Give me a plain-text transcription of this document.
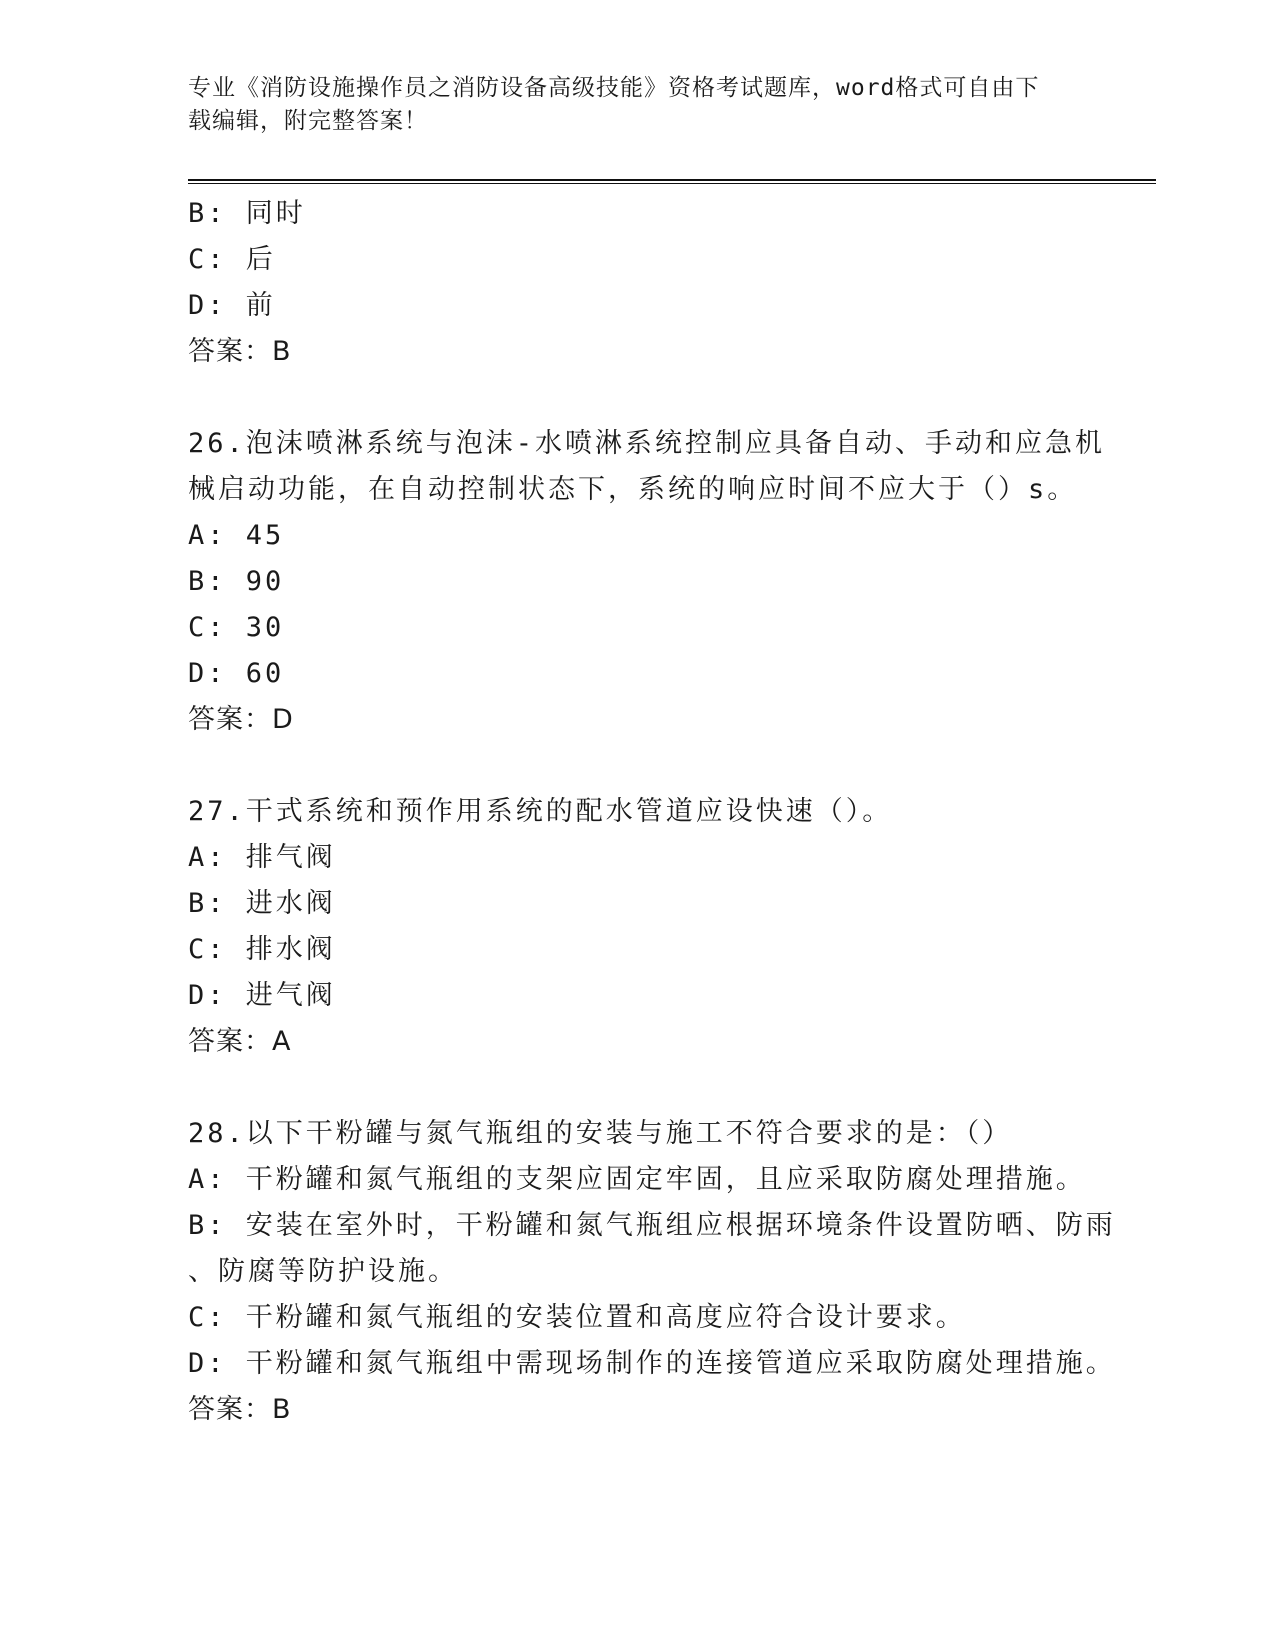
专业《消防设施操作员之消防设备高级技能》资格考试题库，word格式可自由下
载编辑，附完整答案！
B: 同时
C: 后
D: 前
答案：B
26.泡沫喷淋系统与泡沫-水喷淋系统控制应具备自动、手动和应急机
械启动功能，在自动控制状态下，系统的响应时间不应大于（）s。
A: 45
B: 90
C: 30
D: 60
答案：D
27.干式系统和预作用系统的配水管道应设快速（）。
A: 排气阀
B: 进水阀
C: 排水阀
D: 进气阀
答案：A
28.以下干粉罐与氮气瓶组的安装与施工不符合要求的是：（）
A: 干粉罐和氮气瓶组的支架应固定牢固，且应采取防腐处理措施。
B: 安装在室外时，干粉罐和氮气瓶组应根据环境条件设置防晒、防雨
、防腐等防护设施。
C: 干粉罐和氮气瓶组的安装位置和高度应符合设计要求。
D: 干粉罐和氮气瓶组中需现场制作的连接管道应采取防腐处理措施。
答案：B
